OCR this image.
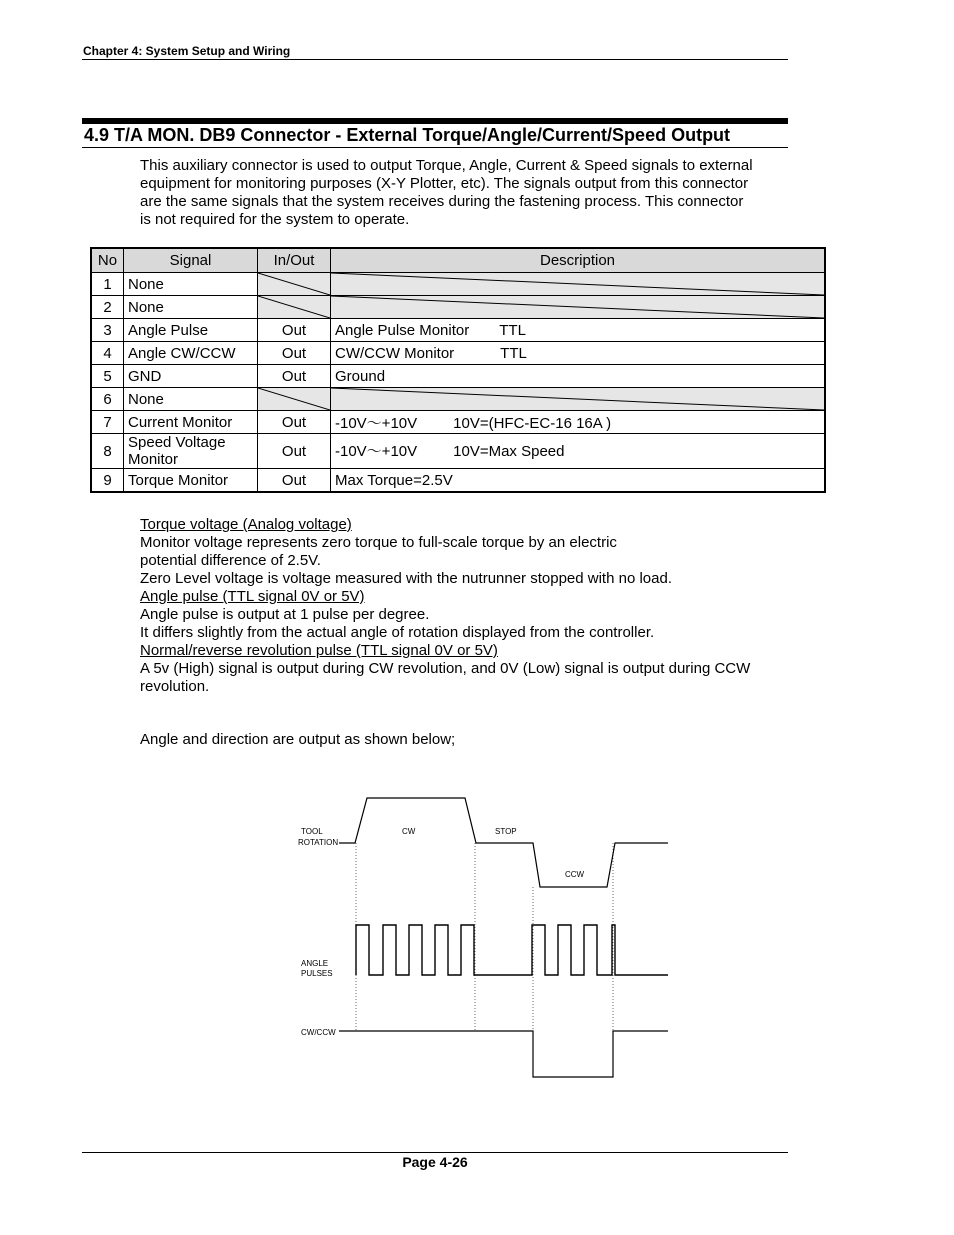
Chapter 4: System Setup and Wiring
4.9 T/A MON. DB9 Connector - External Torque/Angle/Current/Speed Output
This auxiliary connector is used to output Torque, Angle, Current & Speed signals to external
equipment for monitoring purposes (X-Y Plotter, etc). The signals output from this connector
are the same signals that the system receives during the fastening process. This connector
is not required for the system to operate.
No	Signal	In/Out	Description
1	None	

2	None	

3	Angle Pulse	Out	Angle Pulse Monitor TTL
4	Angle CW/CCW	Out	CW/CCW Monitor TTL
5	GND	Out	Ground
6	None	

7	Current Monitor	Out	-10V～+10V 10V=(HFC-EC-16 16A )
8	Speed Voltage
Monitor	Out	-10V～+10V 10V=Max Speed
9	Torque Monitor	Out	Max Torque=2.5V
Torque voltage (Analog voltage)
Monitor voltage represents zero torque to full-scale torque by an electric
potential difference of 2.5V.
Zero Level voltage is voltage measured with the nutrunner stopped with no load.
Angle pulse (TTL signal 0V or 5V)
Angle pulse is output at 1 pulse per degree.
It differs slightly from the actual angle of rotation displayed from the controller.
Normal/reverse revolution pulse (TTL signal 0V or 5V)
A 5v (High) signal is output during CW revolution, and 0V (Low) signal is output during CCW
revolution.
Angle and direction are output as shown below;
TOOL
ROTATION
CW	STOP
CCW
ANGLE
PULSES
CW/CCW
Page 4-26
